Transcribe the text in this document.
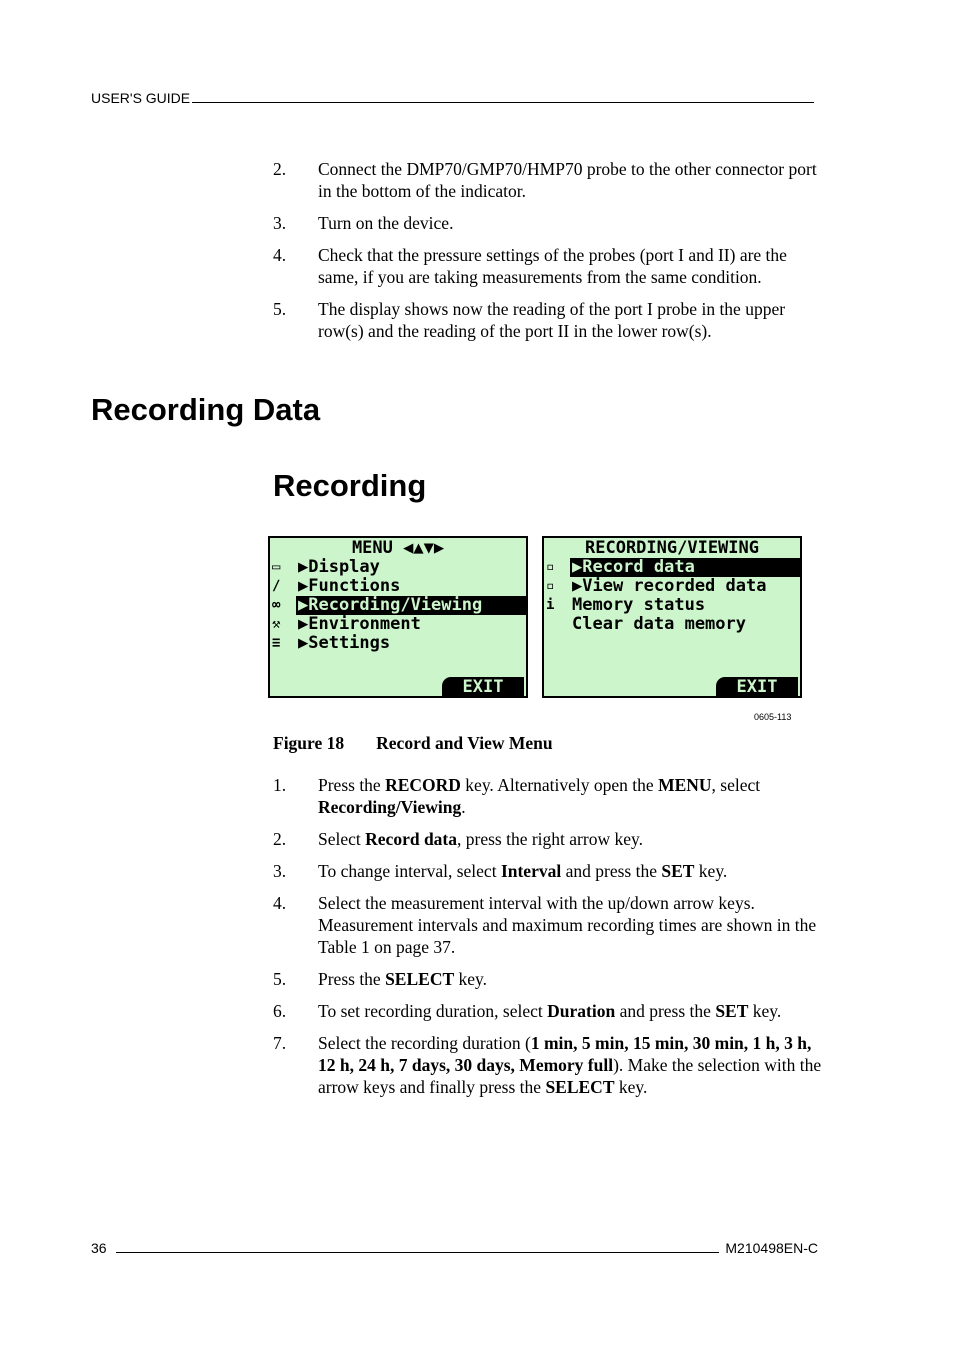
USER'S GUIDE
2.	Connect the DMP70/GMP70/HMP70 probe to the other connector port in the bottom of the indicator.
3.	Turn on the device.
4.	Check that the pressure settings of the probes (port I and II) are the same, if you are taking measurements from the same condition.
5.	The display shows now the reading of the port I probe in the upper row(s) and the reading of the port II in the lower row(s).
Recording Data
Recording
MENU ◀▲▼▶
▭	▶Display
∕	▶Functions
∞	▶Recording/Viewing
⚒	▶Environment
≡	▶Settings
EXIT
RECORDING/VIEWING
▫	▶Record data
▫	▶View recorded data
i	Memory status
Clear data memory
EXIT
0605-113
Figure 18 Record and View Menu
1.	Press the RECORD key. Alternatively open the MENU, select Recording/Viewing.
2.	Select Record data, press the right arrow key.
3.	To change interval, select Interval and press the SET key.
4.	Select the measurement interval with the up/down arrow keys. Measurement intervals and maximum recording times are shown in the Table 1 on page 37.
5.	Press the SELECT key.
6.	To set recording duration, select Duration and press the SET key.
7.	Select the recording duration (1 min, 5 min, 15 min, 30 min, 1 h, 3 h, 12 h, 24 h, 7 days, 30 days, Memory full). Make the selection with the arrow keys and finally press the SELECT key.
36	M210498EN-C
